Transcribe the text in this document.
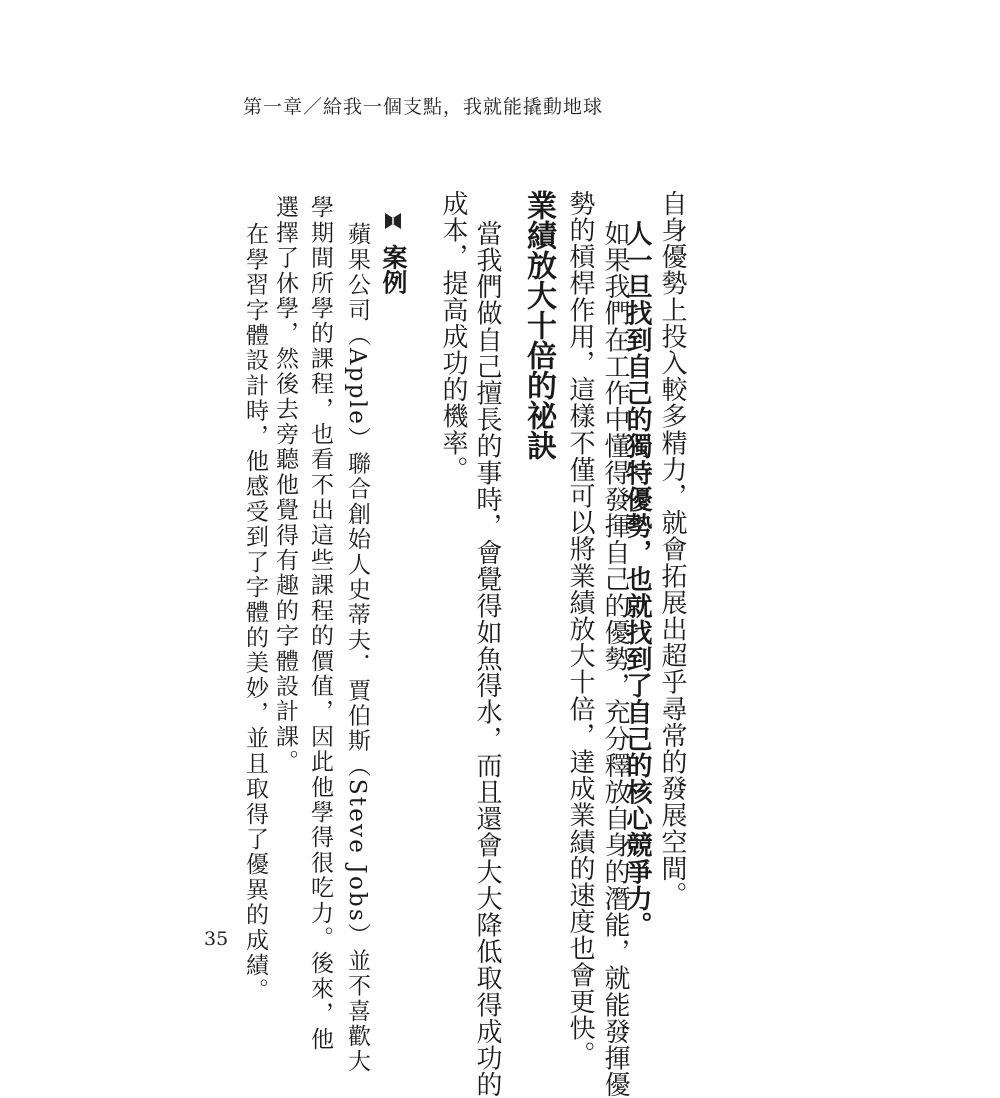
第一章／給我一個支點，我就能撬動地球
自身優勢上投入較多精力，就會拓展出超乎尋常的發展空間。
人一旦找到自己的獨特優勢，也就找到了自己的核心競爭力。
如果我們在工作中懂得發揮自己的優勢，充分釋放自身的潛能，就能發揮優
勢的槓桿作用，這樣不僅可以將業績放大十倍，達成業績的速度也會更快。
業績放大十倍的祕訣
當我們做自己擅長的事時，會覺得如魚得水，而且還會大大降低取得成功的
成本，提高成功的機率。
案例
蘋果公司（Apple）聯合創始人史蒂夫．賈伯斯（Steve Jobs）並不喜歡大
學期間所學的課程，也看不出這些課程的價值，因此他學得很吃力。後來，他
選擇了休學，然後去旁聽他覺得有趣的字體設計課。
在學習字體設計時，他感受到了字體的美妙，並且取得了優異的成績。
35
